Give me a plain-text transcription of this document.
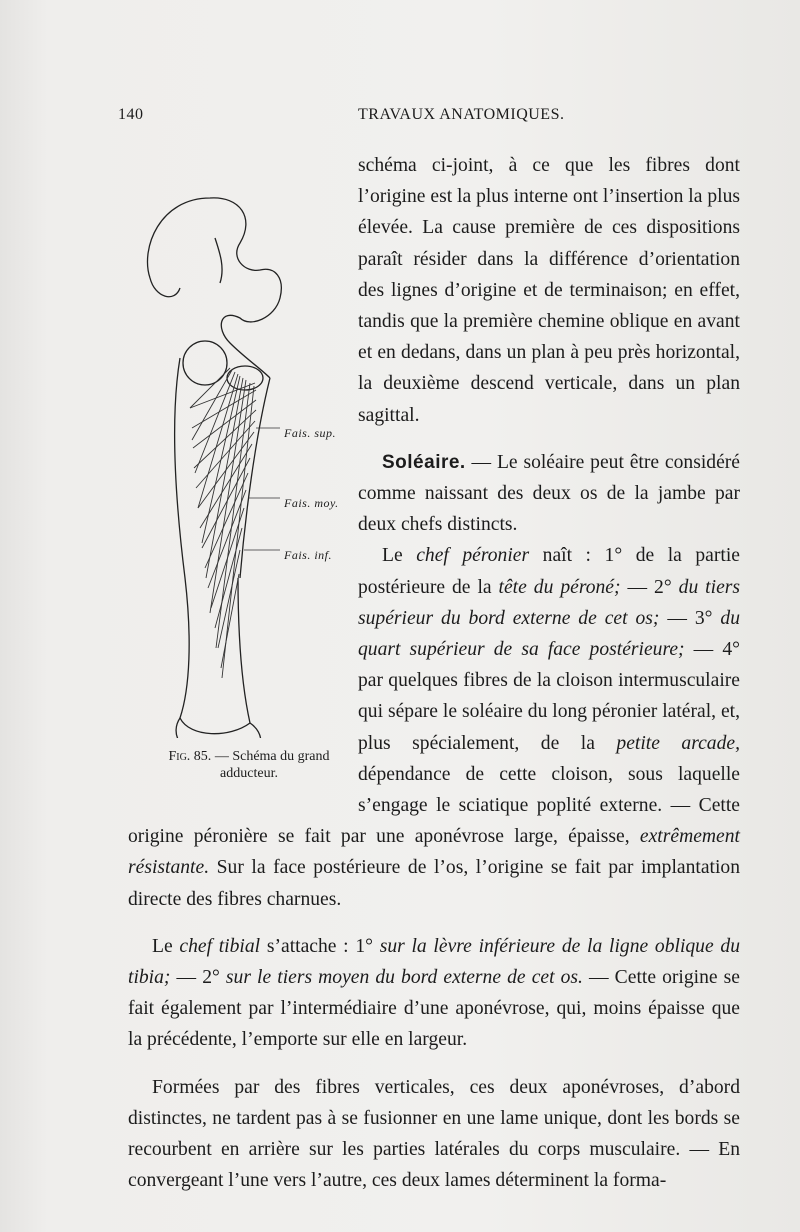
140	TRAVAUX ANATOMIQUES.
Fais. sup.
Fais. moy.
Fais. inf.
Fig. 85. — Schéma du grand adducteur.

schéma ci-joint, à ce que les fibres dont l’origine est la plus interne ont l’insertion la plus élevée. La cause première de ces dispositions paraît résider dans la différence d’orientation des lignes d’origine et de terminaison; en effet, tandis que la première chemine oblique en avant et en dedans, dans un plan à peu près horizontal, la deuxième descend verticale, dans un plan sagittal.

Soléaire. — Le soléaire peut être considéré comme naissant des deux os de la jambe par deux chefs distincts.

Le chef péronier naît : 1° de la partie postérieure de la tête du péroné; — 2° du tiers supérieur du bord externe de cet os; — 3° du quart supérieur de sa face postérieure; — 4° par quelques fibres de la cloison intermusculaire qui sépare le soléaire du long péronier latéral, et, plus spécialement, de la petite arcade, dépendance de cette cloison, sous laquelle s’engage le sciatique poplité externe. — Cette origine péronière se fait par une aponévrose large, épaisse, extrêmement résistante. Sur la face postérieure de l’os, l’origine se fait par implantation directe des fibres charnues.

Le chef tibial s’attache : 1° sur la lèvre inférieure de la ligne oblique du tibia; — 2° sur le tiers moyen du bord externe de cet os. — Cette origine se fait également par l’intermédiaire d’une aponévrose, qui, moins épaisse que la précédente, l’emporte sur elle en largeur.

Formées par des fibres verticales, ces deux aponévroses, d’abord distinctes, ne tardent pas à se fusionner en une lame unique, dont les bords se recourbent en arrière sur les parties latérales du corps musculaire. — En convergeant l’une vers l’autre, ces deux lames déterminent la forma-
